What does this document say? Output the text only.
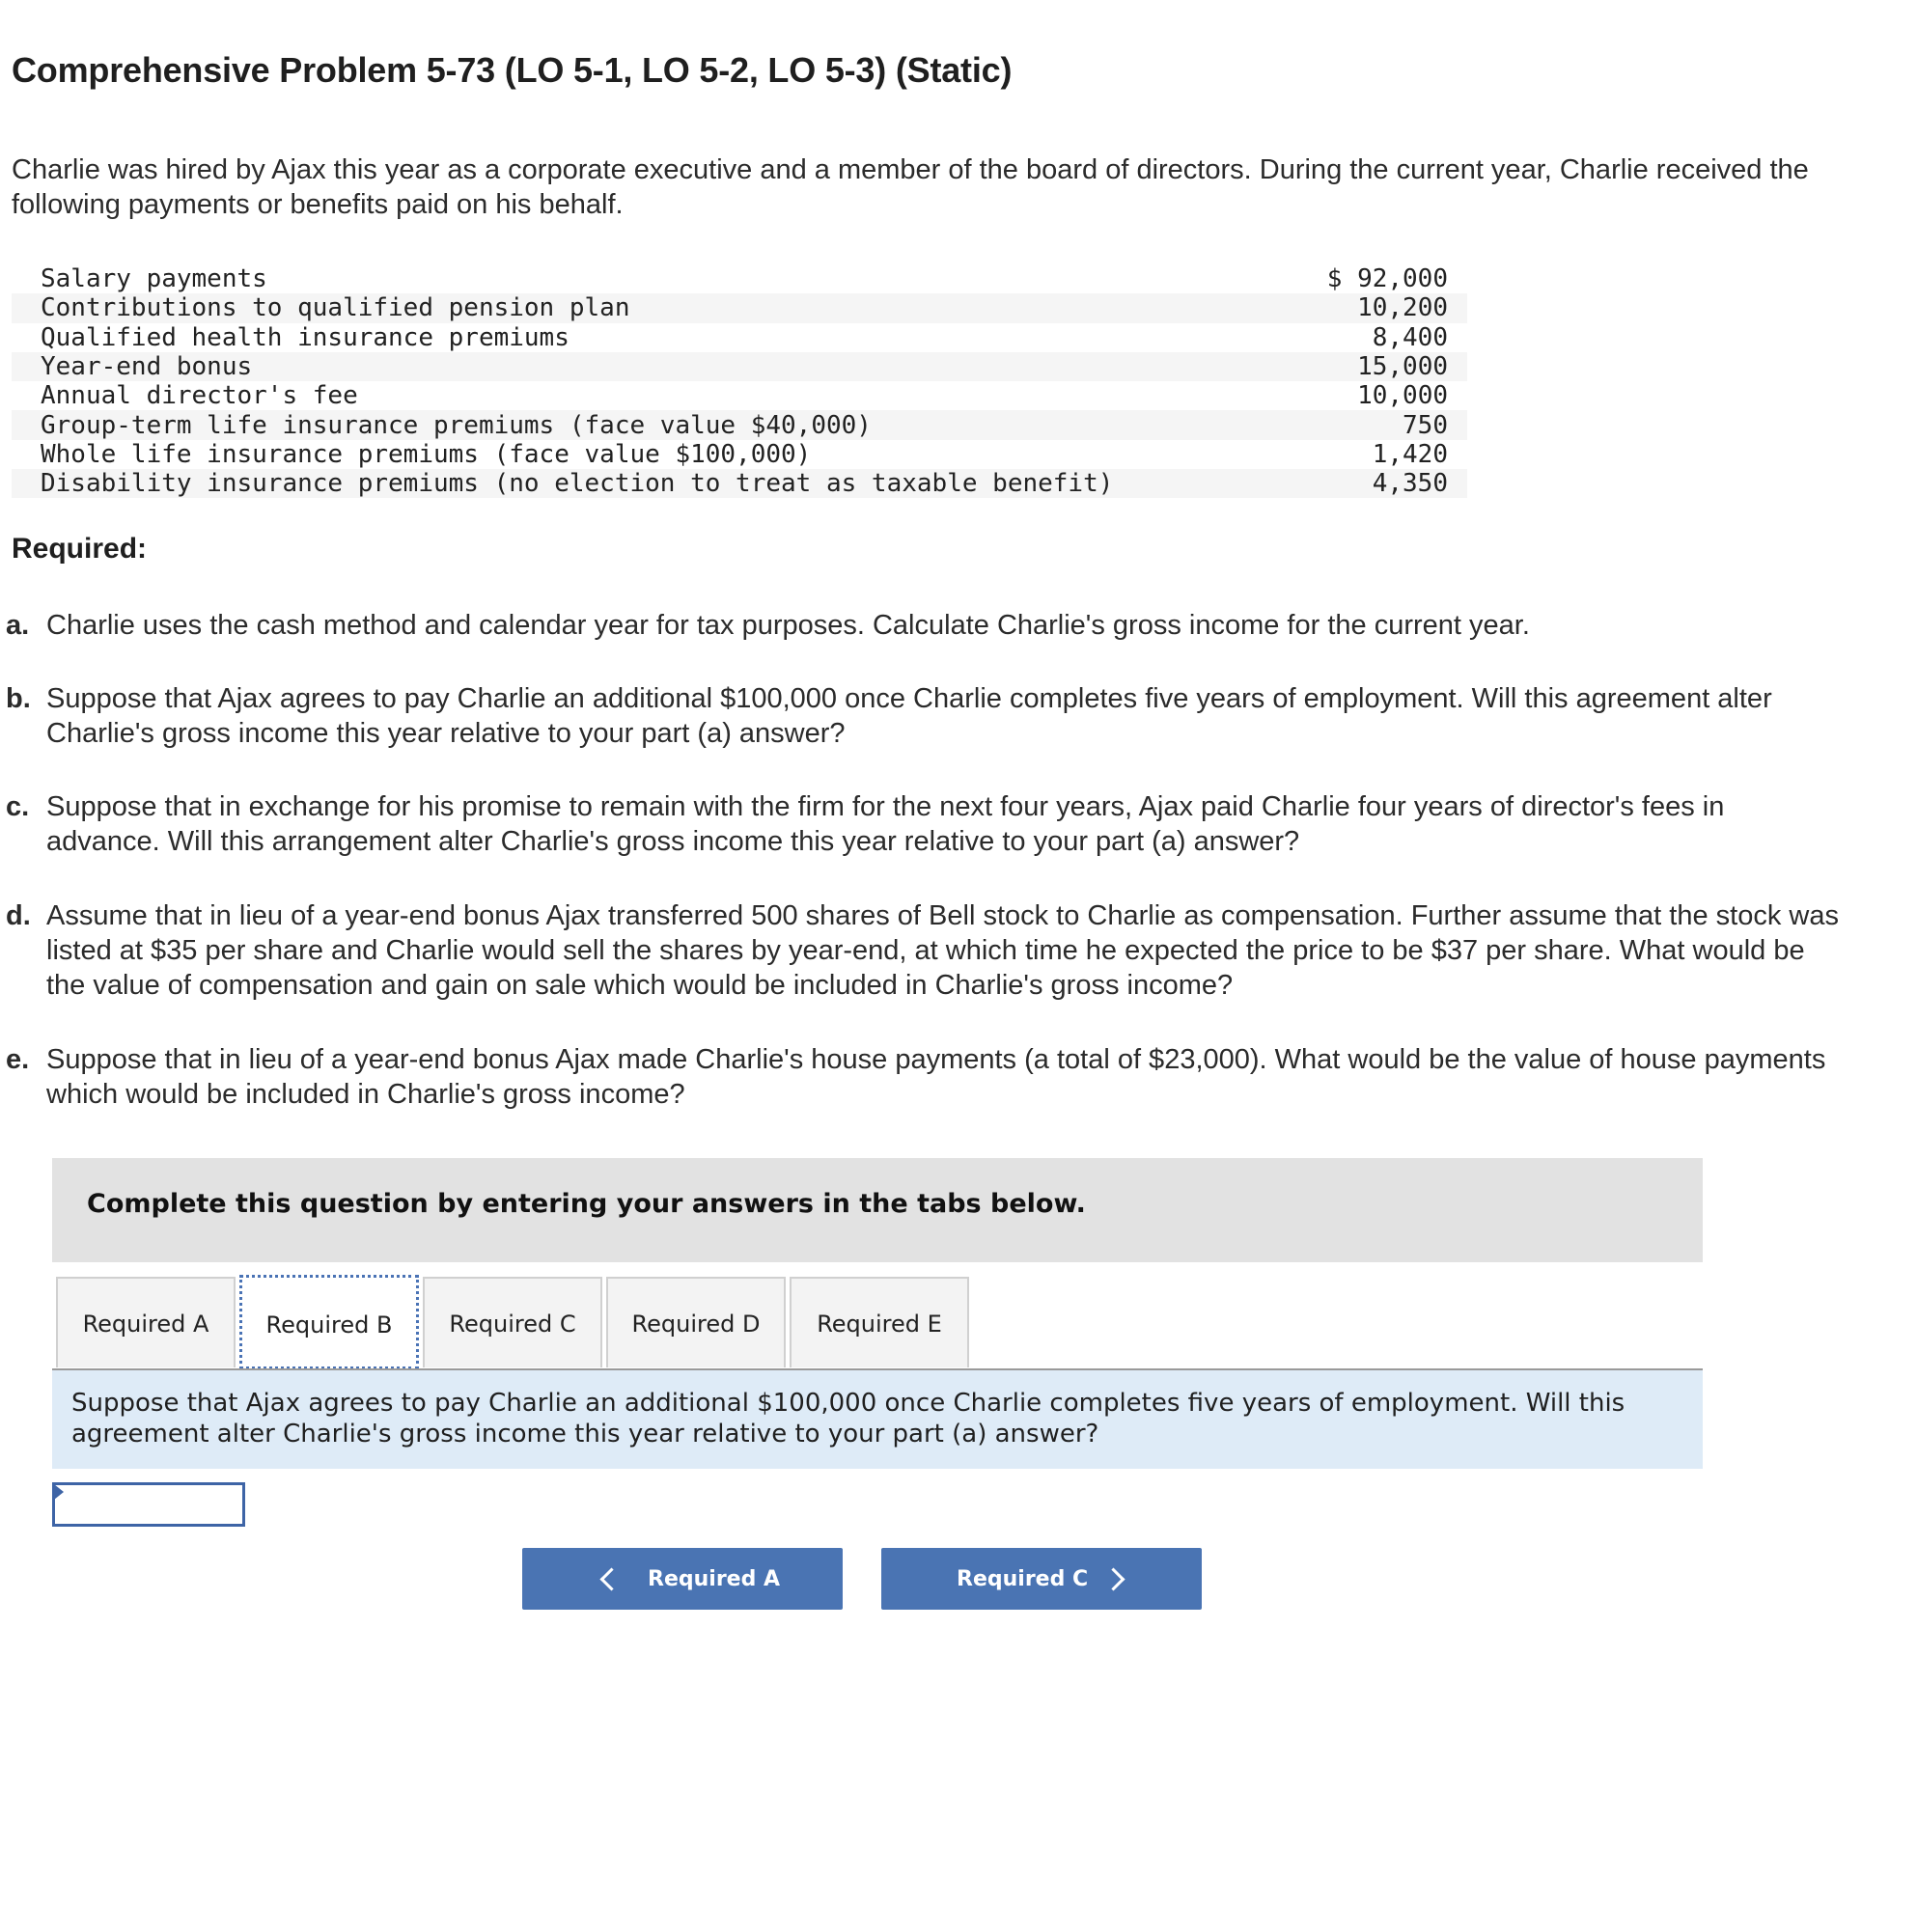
Comprehensive Problem 5-73 (LO 5-1, LO 5-2, LO 5-3) (Static)

Charlie was hired by Ajax this year as a corporate executive and a member of the board of directors. During the current year, Charlie received the following payments or benefits paid on his behalf.

Salary payments	$ 92,000
Contributions to qualified pension plan	10,200
Qualified health insurance premiums	8,400
Year-end bonus	15,000
Annual director's fee	10,000
Group-term life insurance premiums (face value $40,000)	750
Whole life insurance premiums (face value $100,000)	1,420
Disability insurance premiums (no election to treat as taxable benefit)	4,350
Required:
a. Charlie uses the cash method and calendar year for tax purposes. Calculate Charlie's gross income for the current year.
b. Suppose that Ajax agrees to pay Charlie an additional $100,000 once Charlie completes five years of employment. Will this agreement alter Charlie's gross income this year relative to your part (a) answer?
c. Suppose that in exchange for his promise to remain with the firm for the next four years, Ajax paid Charlie four years of director's fees in advance. Will this arrangement alter Charlie's gross income this year relative to your part (a) answer?
d. Assume that in lieu of a year-end bonus Ajax transferred 500 shares of Bell stock to Charlie as compensation. Further assume that the stock was listed at $35 per share and Charlie would sell the shares by year-end, at which time he expected the price to be $37 per share. What would be the value of compensation and gain on sale which would be included in Charlie's gross income?
e. Suppose that in lieu of a year-end bonus Ajax made Charlie's house payments (a total of $23,000). What would be the value of house payments which would be included in Charlie's gross income?
Complete this question by entering your answers in the tabs below.
Required A	Required B	Required C	Required D	Required E
Suppose that Ajax agrees to pay Charlie an additional $100,000 once Charlie completes five years of employment. Will this agreement alter Charlie's gross income this year relative to your part (a) answer?
Required A	Required C
